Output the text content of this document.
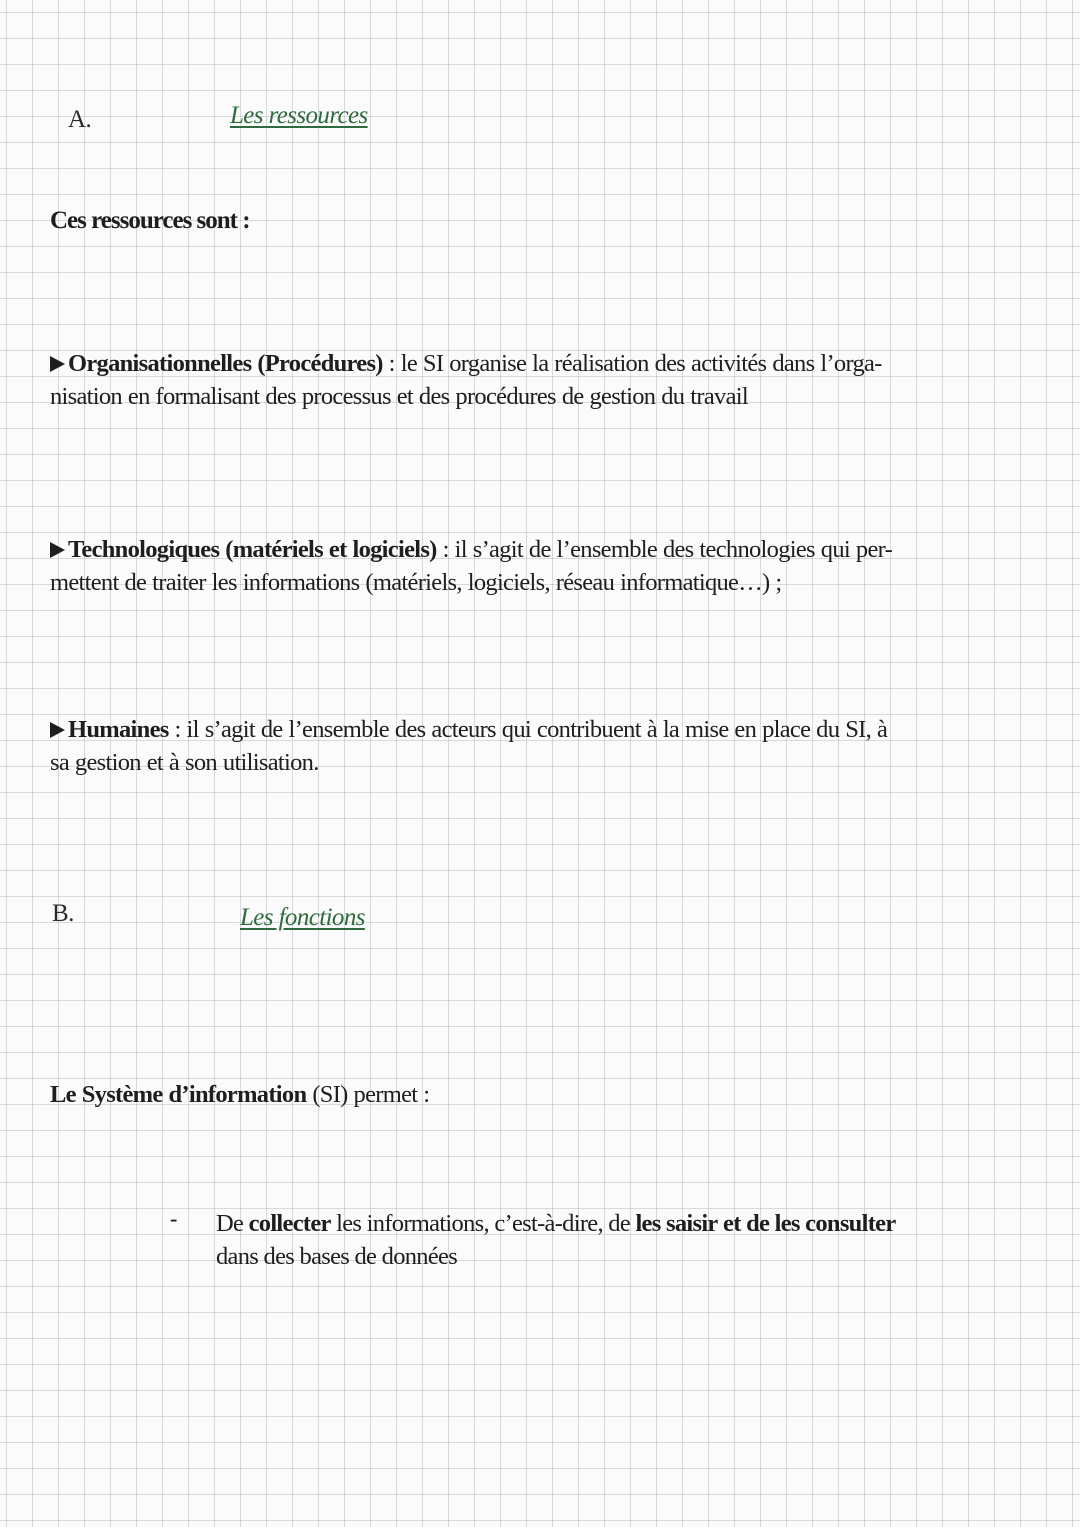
A.	Les ressources
Ces ressources sont :
Organisationnelles (Procédures) : le SI organise la réalisation des activités dans l’orga-
nisation en formalisant des processus et des procédures de gestion du travail
Technologiques (matériels et logiciels) : il s’agit de l’ensemble des technologies qui per-
mettent de traiter les informations (matériels, logiciels, réseau informatique…) ;
Humaines : il s’agit de l’ensemble des acteurs qui contribuent à la mise en place du SI, à
sa gestion et à son utilisation.
B.	Les fonctions
Le Système d’information (SI) permet :
- De collecter les informations, c’est-à-dire, de les saisir et de les consulter
dans des bases de données
